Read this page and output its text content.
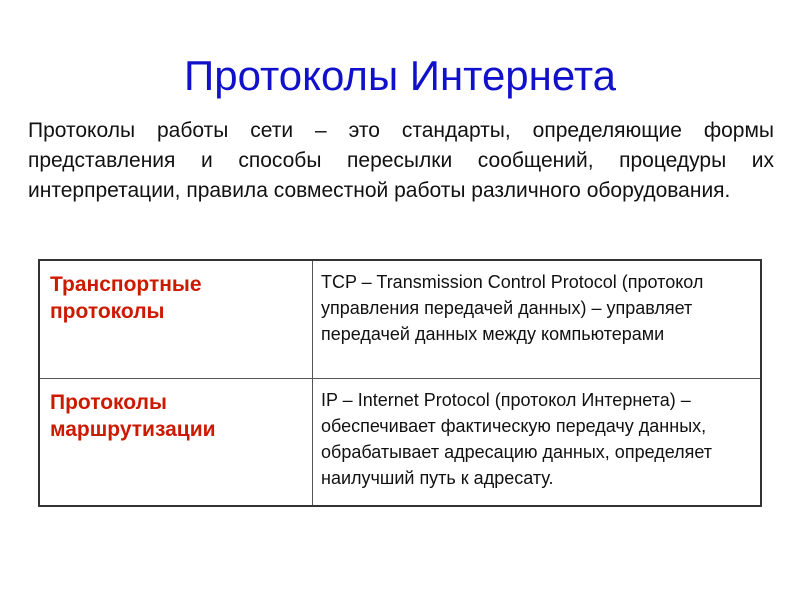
Протоколы Интернета

Протоколы работы сети – это стандарты, определяющие формы представления и способы пересылки сообщений, процедуры их интерпретации, правила совместной работы различного оборудования.

Транспортные протоколы	TCP – Transmission Control Protocol (протокол управления передачей данных) – управляет передачей данных между компьютерами
Протоколы маршрутизации	IP – Internet Protocol (протокол Интернета) – обеспечивает фактическую передачу данных, обрабатывает адресацию данных, определяет наилучший путь к адресату.
